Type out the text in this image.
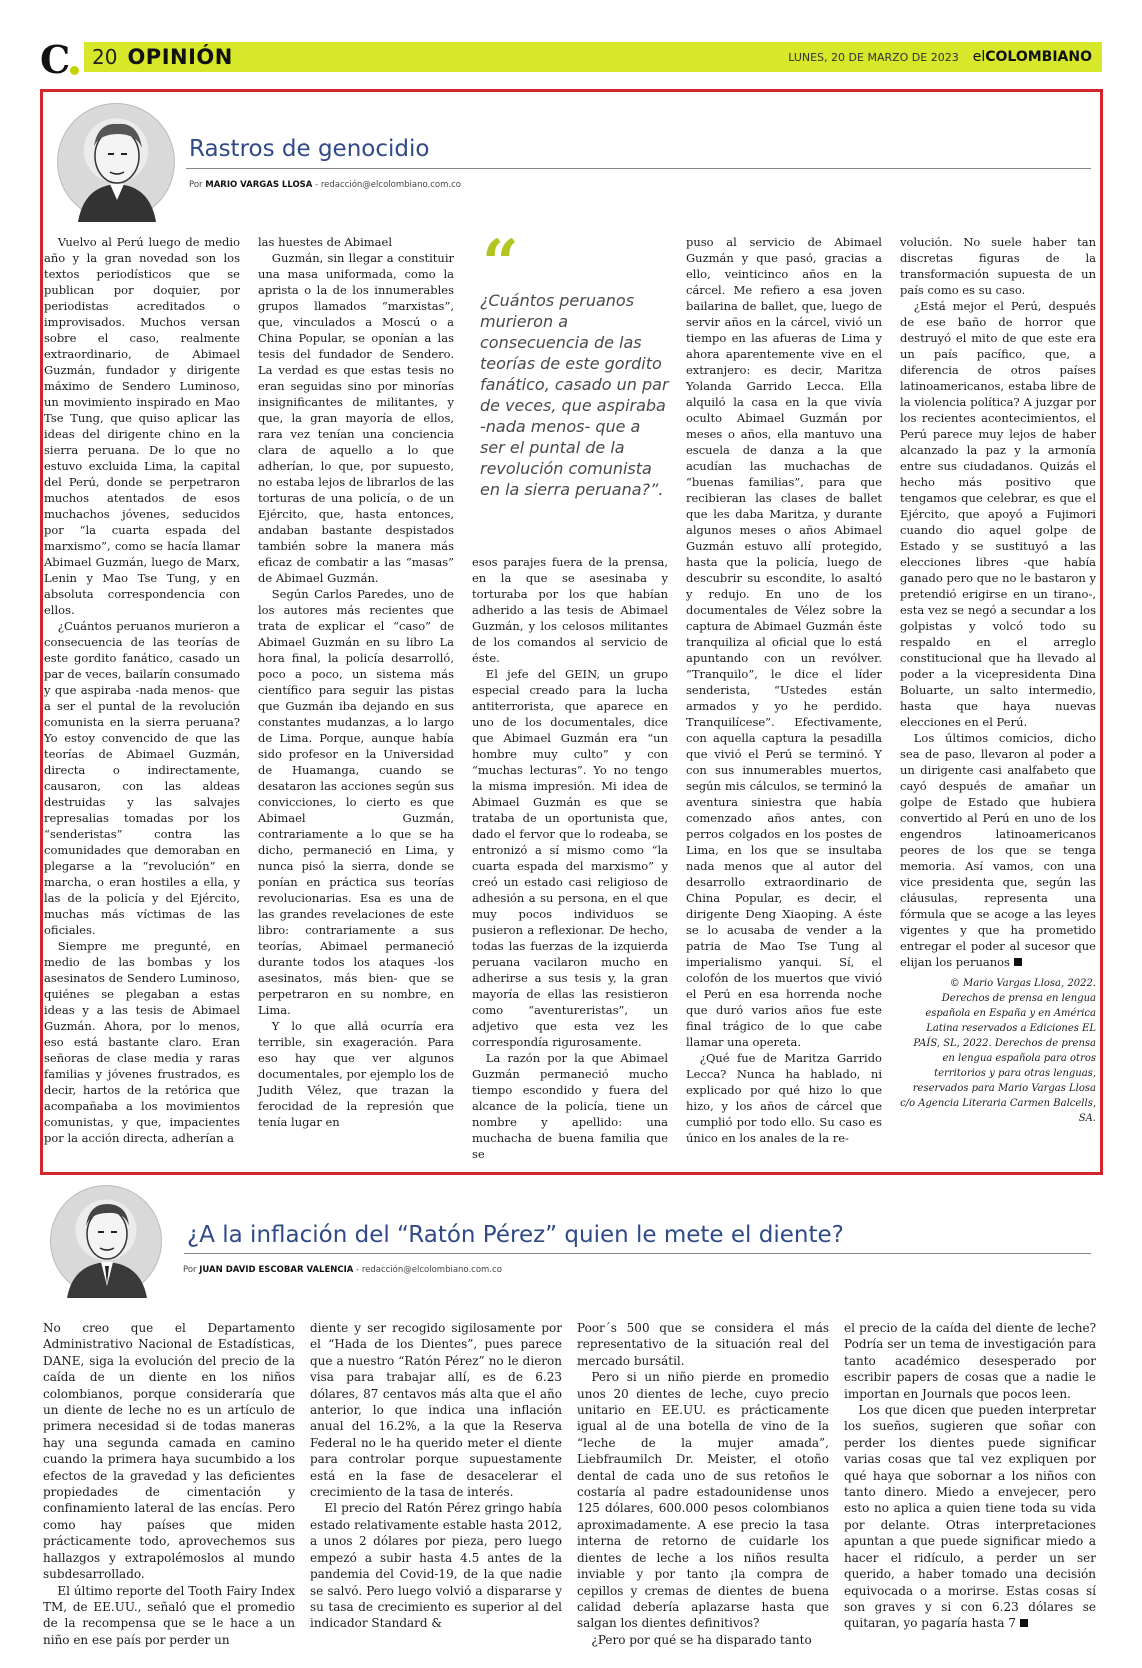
C	20 OPINIÓN	LUNES, 20 DE MARZO DE 2023 elCOLOMBIANO
Rastros de genocidio
Por MARIO VARGAS LLOSA - redacción@elcolombiano.com.co

Vuelvo al Perú luego de medio año y la gran novedad son los textos periodísticos que se publican por doquier, por periodistas acreditados o improvisados. Muchos versan sobre el caso, realmente extraordinario, de Abimael Guzmán, fundador y dirigente máximo de Sendero Luminoso, un movimiento inspirado en Mao Tse Tung, que quiso aplicar las ideas del dirigente chino en la sierra peruana. De lo que no estuvo excluida Lima, la capital del Perú, donde se perpetraron muchos atentados de esos muchachos jóvenes, seducidos por “la cuarta espada del marxismo”, como se hacía llamar Abimael Guzmán, luego de Marx, Lenin y Mao Tse Tung, y en absoluta correspondencia con ellos.

¿Cuántos peruanos murieron a consecuencia de las teorías de este gordito fanático, casado un par de veces, bailarín consumado y que aspiraba -nada menos- que a ser el puntal de la revolución comunista en la sierra peruana? Yo estoy convencido de que las teorías de Abimael Guzmán, directa o indirectamente, causaron, con las aldeas destruidas y las salvajes represalias tomadas por los “senderistas” contra las comunidades que demoraban en plegarse a la “revolución” en marcha, o eran hostiles a ella, y las de la policía y del Ejército, muchas más víctimas de las oficiales.

Siempre me pregunté, en medio de las bombas y los asesinatos de Sendero Luminoso, quiénes se plegaban a estas ideas y a las tesis de Abimael Guzmán. Ahora, por lo menos, eso está bastante claro. Eran señoras de clase media y raras familias y jóvenes frustrados, es decir, hartos de la retórica que acompañaba a los movimientos comunistas, y que, impacientes por la acción directa, adherían a

las huestes de Abimael

Guzmán, sin llegar a constituir una masa uniformada, como la aprista o la de los innumerables grupos llamados “marxistas”, que, vinculados a Moscú o a China Popular, se oponían a las tesis del fundador de Sendero. La verdad es que estas tesis no eran seguidas sino por minorías insignificantes de militantes, y que, la gran mayoría de ellos, rara vez tenían una conciencia clara de aquello a lo que adherían, lo que, por supuesto, no estaba lejos de librarlos de las torturas de una policía, o de un Ejército, que, hasta entonces, andaban bastante despistados también sobre la manera más eficaz de combatir a las “masas” de Abimael Guzmán.

Según Carlos Paredes, uno de los autores más recientes que trata de explicar el “caso” de Abimael Guzmán en su libro La hora final, la policía desarrolló, poco a poco, un sistema más científico para seguir las pistas que Guzmán iba dejando en sus constantes mudanzas, a lo largo de Lima. Porque, aunque había sido profesor en la Universidad de Huamanga, cuando se desataron las acciones según sus convicciones, lo cierto es que Abimael Guzmán, contrariamente a lo que se ha dicho, permaneció en Lima, y nunca pisó la sierra, donde se ponían en práctica sus teorías revolucionarias. Esa es una de las grandes revelaciones de este libro: contrariamente a sus teorías, Abimael permaneció durante todos los ataques -los asesinatos, más bien- que se perpetraron en su nombre, en Lima.

Y lo que allá ocurría era terrible, sin exageración. Para eso hay que ver algunos documentales, por ejemplo los de Judith Vélez, que trazan la ferocidad de la represión que tenía lugar en

“
¿Cuántos peruanos murieron a consecuencia de las teorías de este gordito fanático, casado un par de veces, que aspiraba -nada menos- que a ser el puntal de la revolución comunista en la sierra peruana?”.

esos parajes fuera de la prensa, en la que se asesinaba y torturaba por los que habían adherido a las tesis de Abimael Guzmán, y los celosos militantes de los comandos al servicio de éste.

El jefe del GEIN, un grupo especial creado para la lucha antiterrorista, que aparece en uno de los documentales, dice que Abimael Guzmán era “un hombre muy culto” y con “muchas lecturas”. Yo no tengo la misma impresión. Mi idea de Abimael Guzmán es que se trataba de un oportunista que, dado el fervor que lo rodeaba, se entronizó a sí mismo como “la cuarta espada del marxismo” y creó un estado casi religioso de adhesión a su persona, en el que muy pocos individuos se pusieron a reflexionar. De hecho, todas las fuerzas de la izquierda peruana vacilaron mucho en adherirse a sus tesis y, la gran mayoría de ellas las resistieron como “aventureristas”, un adjetivo que esta vez les correspondía rigurosamente.

La razón por la que Abimael Guzmán permaneció mucho tiempo escondido y fuera del alcance de la policía, tiene un nombre y apellido: una muchacha de buena familia que se

puso al servicio de Abimael Guzmán y que pasó, gracias a ello, veinticinco años en la cárcel. Me refiero a esa joven bailarina de ballet, que, luego de servir años en la cárcel, vivió un tiempo en las afueras de Lima y ahora aparentemente vive en el extranjero: es decir, Maritza Yolanda Garrido Lecca. Ella alquiló la casa en la que vivía oculto Abimael Guzmán por meses o años, ella mantuvo una escuela de danza a la que acudían las muchachas de “buenas familias”, para que recibieran las clases de ballet que les daba Maritza, y durante algunos meses o años Abimael Guzmán estuvo allí protegido, hasta que la policía, luego de descubrir su escondite, lo asaltó y redujo. En uno de los documentales de Vélez sobre la captura de Abimael Guzmán éste tranquiliza al oficial que lo está apuntando con un revólver. “Tranquilo”, le dice el líder senderista, “Ustedes están armados y yo he perdido. Tranquilícese”. Efectivamente, con aquella captura la pesadilla que vivió el Perú se terminó. Y con sus innumerables muertos, según mis cálculos, se terminó la aventura siniestra que había comenzado años antes, con perros colgados en los postes de Lima, en los que se insultaba nada menos que al autor del desarrollo extraordinario de China Popular, es decir, el dirigente Deng Xiaoping. A éste se lo acusaba de vender a la patria de Mao Tse Tung al imperialismo yanqui. Sí, el colofón de los muertos que vivió el Perú en esa horrenda noche que duró varios años fue este final trágico de lo que cabe llamar una opereta.

¿Qué fue de Maritza Garrido Lecca? Nunca ha hablado, ni explicado por qué hizo lo que hizo, y los años de cárcel que cumplió por todo ello. Su caso es único en los anales de la re-

volución. No suele haber tan discretas figuras de la transformación supuesta de un país como es su caso.

¿Está mejor el Perú, después de ese baño de horror que destruyó el mito de que este era un país pacífico, que, a diferencia de otros países latinoamericanos, estaba libre de la violencia política? A juzgar por los recientes acontecimientos, el Perú parece muy lejos de haber alcanzado la paz y la armonía entre sus ciudadanos. Quizás el hecho más positivo que tengamos que celebrar, es que el Ejército, que apoyó a Fujimori cuando dio aquel golpe de Estado y se sustituyó a las elecciones libres -que había ganado pero que no le bastaron y pretendió erigirse en un tirano-, esta vez se negó a secundar a los golpistas y volcó todo su respaldo en el arreglo constitucional que ha llevado al poder a la vicepresidenta Dina Boluarte, un salto intermedio, hasta que haya nuevas elecciones en el Perú.

Los últimos comicios, dicho sea de paso, llevaron al poder a un dirigente casi analfabeto que cayó después de amañar un golpe de Estado que hubiera convertido al Perú en uno de los engendros latinoamericanos peores de los que se tenga memoria. Así vamos, con una vice presidenta que, según las cláusulas, representa una fórmula que se acoge a las leyes vigentes y que ha prometido entregar el poder al sucesor que elijan los peruanos

© Mario Vargas Llosa, 2022. Derechos de prensa en lengua española en España y en América Latina reservados a Ediciones EL PAÍS, SL, 2022. Derechos de prensa en lengua española para otros territorios y para otras lenguas, reservados para Mario Vargas Llosa c/o Agencia Literaria Carmen Balcells, SA.

¿A la inflación del “Ratón Pérez” quien le mete el diente?
Por JUAN DAVID ESCOBAR VALENCIA - redacción@elcolombiano.com.co

No creo que el Departamento Administrativo Nacional de Estadísticas, DANE, siga la evolución del precio de la caída de un diente en los niños colombianos, porque consideraría que un diente de leche no es un artículo de primera necesidad si de todas maneras hay una segunda camada en camino cuando la primera haya sucumbido a los efectos de la gravedad y las deficientes propiedades de cimentación y confinamiento lateral de las encías. Pero como hay países que miden prácticamente todo, aprovechemos sus hallazgos y extrapolémoslos al mundo subdesarrollado.

El último reporte del Tooth Fairy Index TM, de EE.UU., señaló que el promedio de la recompensa que se le hace a un niño en ese país por perder un

diente y ser recogido sigilosamente por el “Hada de los Dientes”, pues parece que a nuestro “Ratón Pérez” no le dieron visa para trabajar allí, es de 6.23 dólares, 87 centavos más alta que el año anterior, lo que indica una inflación anual del 16.2%, a la que la Reserva Federal no le ha querido meter el diente para controlar porque supuestamente está en la fase de desacelerar el crecimiento de la tasa de interés.

El precio del Ratón Pérez gringo había estado relativamente estable hasta 2012, a unos 2 dólares por pieza, pero luego empezó a subir hasta 4.5 antes de la pandemia del Covid-19, de la que nadie se salvó. Pero luego volvió a dispararse y su tasa de crecimiento es superior al del indicador Standard &

Poor´s 500 que se considera el más representativo de la situación real del mercado bursátil.

Pero si un niño pierde en promedio unos 20 dientes de leche, cuyo precio unitario en EE.UU. es prácticamente igual al de una botella de vino de la “leche de la mujer amada”, Liebfraumilch Dr. Meister, el otoño dental de cada uno de sus retoños le costaría al padre estadounidense unos 125 dólares, 600.000 pesos colombianos aproximadamente. A ese precio la tasa interna de retorno de cuidarle los dientes de leche a los niños resulta inviable y por tanto ¡la compra de cepillos y cremas de dientes de buena calidad debería aplazarse hasta que salgan los dientes definitivos?

¿Pero por qué se ha disparado tanto

el precio de la caída del diente de leche? Podría ser un tema de investigación para tanto académico desesperado por escribir papers de cosas que a nadie le importan en Journals que pocos leen.

Los que dicen que pueden interpretar los sueños, sugieren que soñar con perder los dientes puede significar varias cosas que tal vez expliquen por qué haya que sobornar a los niños con tanto dinero. Miedo a envejecer, pero esto no aplica a quien tiene toda su vida por delante. Otras interpretaciones apuntan a que puede significar miedo a hacer el ridículo, a perder un ser querido, a haber tomado una decisión equivocada o a morirse. Estas cosas sí son graves y si con 6.23 dólares se quitaran, yo pagaría hasta 7
